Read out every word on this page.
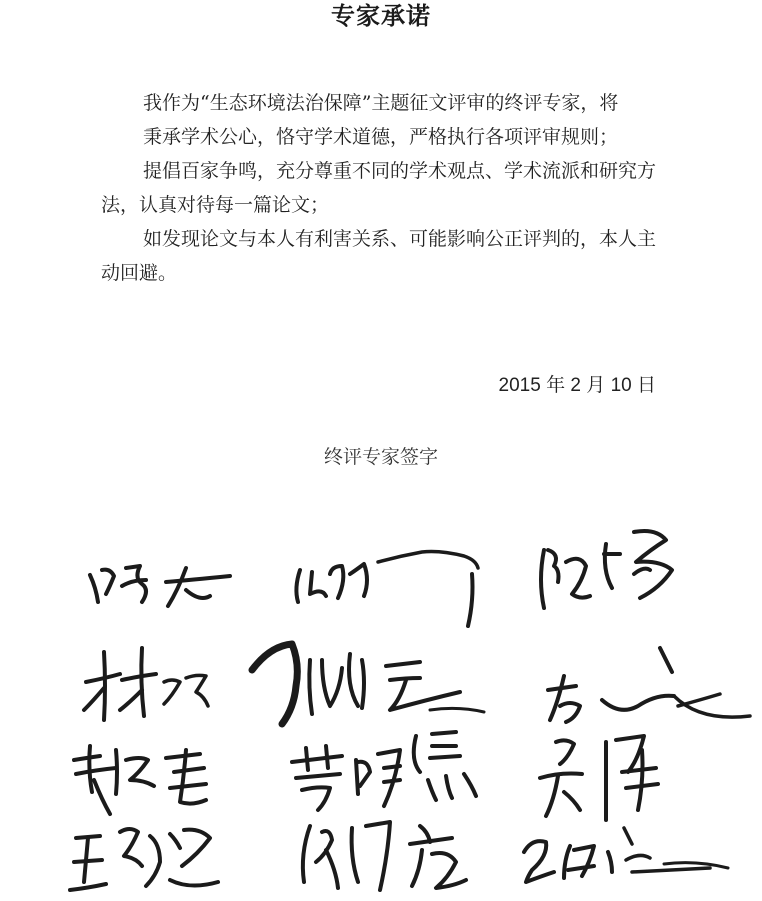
专家承诺

我作为“生态环境法治保障”主题征文评审的终评专家，将

秉承学术公心，恪守学术道德，严格执行各项评审规则；

提倡百家争鸣，充分尊重不同的学术观点、学术流派和研究方法，认真对待每一篇论文；

如发现论文与本人有利害关系、可能影响公正评判的，本人主动回避。

2015 年 2 月 10 日
终评专家签字
